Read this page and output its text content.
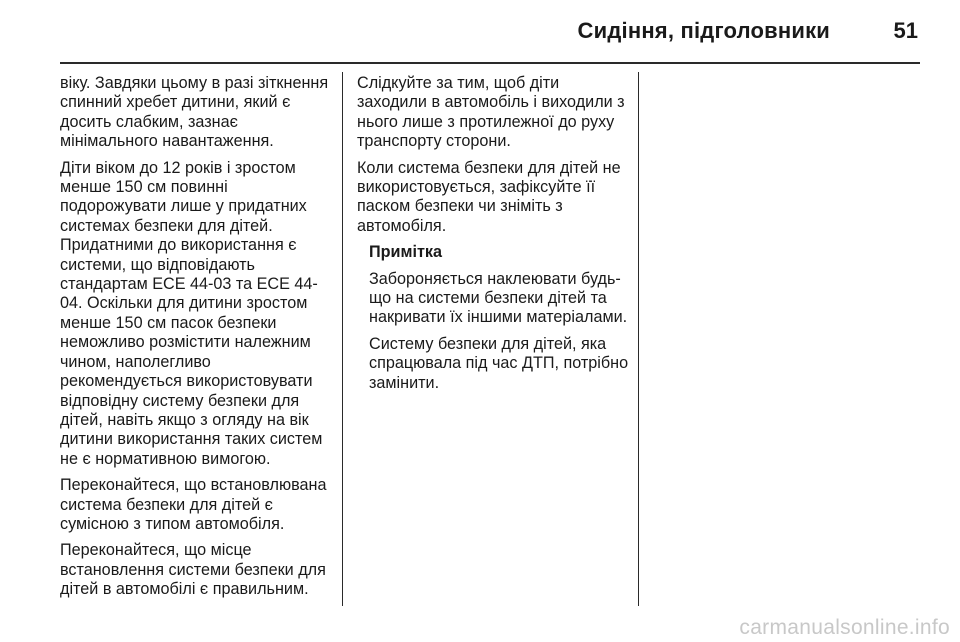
Сидіння, підголовники	51

віку. Завдяки цьому в разі зіткнення спинний хребет дитини, який є досить слабким, зазнає мінімального навантаження.

Діти віком до 12 років і зростом менше 150 см повинні подорожувати лише у придатних системах безпеки для дітей. Придатними до використання є системи, що відповідають стандартам ECE 44-03 та ECE 44-04. Оскільки для дитини зростом менше 150 см пасок безпеки неможливо розмістити належним чином, наполегливо рекомендується використовувати відповідну систему безпеки для дітей, навіть якщо з огляду на вік дитини використання таких систем не є нормативною вимогою.

Переконайтеся, що встановлювана система безпеки для дітей є сумісною з типом автомобіля.

Переконайтеся, що місце встановлення системи безпеки для дітей в автомобілі є правильним.

Слідкуйте за тим, щоб діти заходили в автомобіль і виходили з нього лише з протилежної до руху транспорту сторони.

Коли система безпеки для дітей не використовується, зафіксуйте її паском безпеки чи зніміть з автомобіля.

Примітка

Забороняється наклеювати будь-що на системи безпеки дітей та накривати їх іншими матеріалами.

Систему безпеки для дітей, яка спрацювала під час ДТП, потрібно замінити.

carmanualsonline.info
